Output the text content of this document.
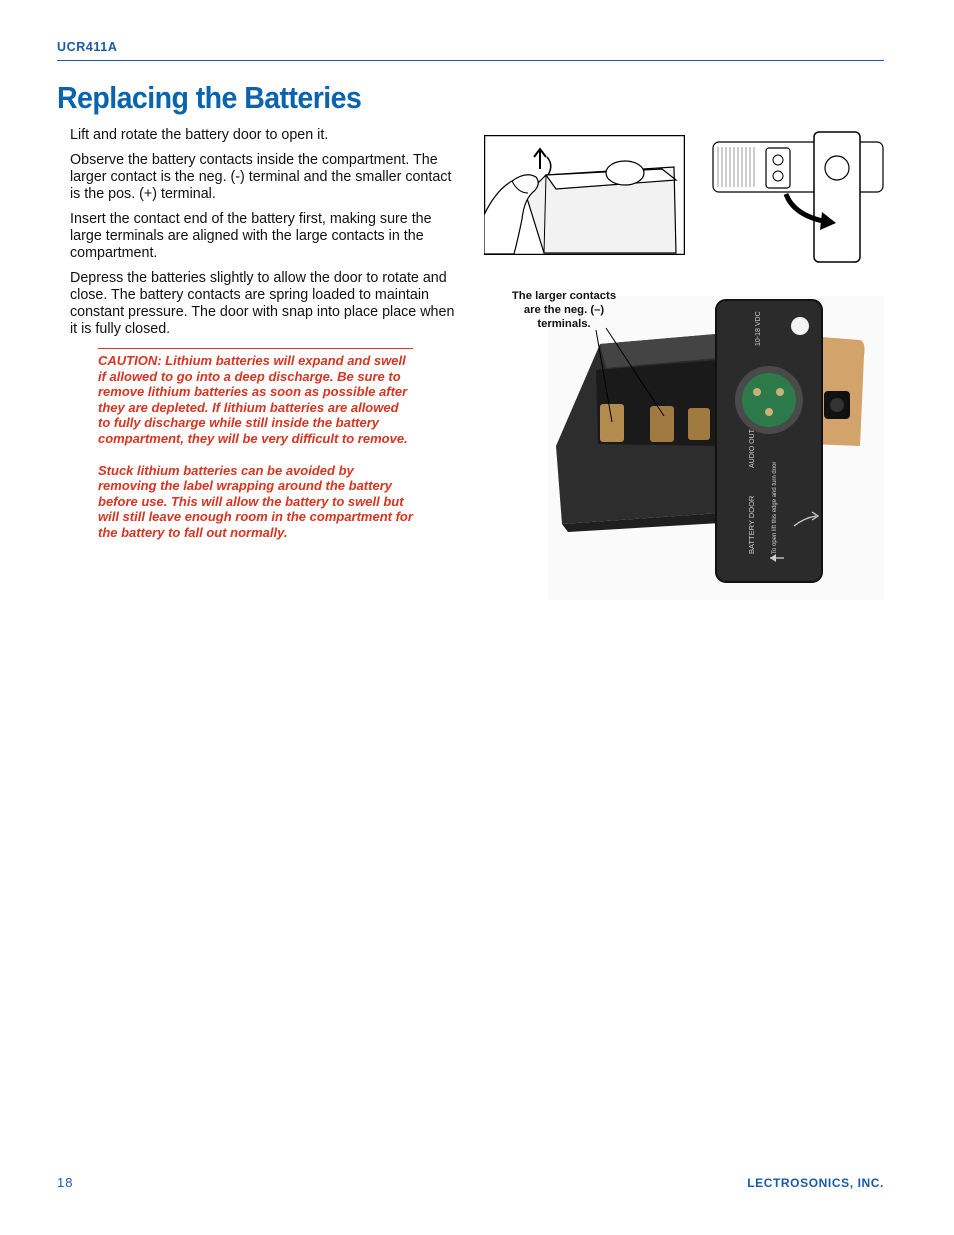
UCR411A
Replacing the Batteries

Lift and rotate the battery door to open it.

Observe the battery contacts inside the compartment. The larger contact is the neg. (-) terminal and the smaller contact is the pos. (+) terminal.

Insert the contact end of the battery first, making sure the large terminals are aligned with the large contacts in the compartment.

Depress the batteries slightly to allow the door to rotate and close. The battery contacts are spring loaded to maintain constant pressure. The door with snap into place place when it is fully closed.

CAUTION: Lithium batteries will expand and swell if allowed to go into a deep discharge. Be sure to remove lithium batteries as soon as possible after they are depleted. If lithium batteries are allowed to fully discharge while still inside the battery compartment, they will be very difficult to remove.

Stuck lithium batteries can be avoided by removing the label wrapping around the battery before use. This will allow the battery to swell but will still leave enough room in the compartment for the battery to fall out normally.

10-18 VDC
AUDIO OUT
BATTERY DOOR	To open lift this edge and turn door
The larger contacts are the neg. (–) terminals.
18	LECTROSONICS, INC.
